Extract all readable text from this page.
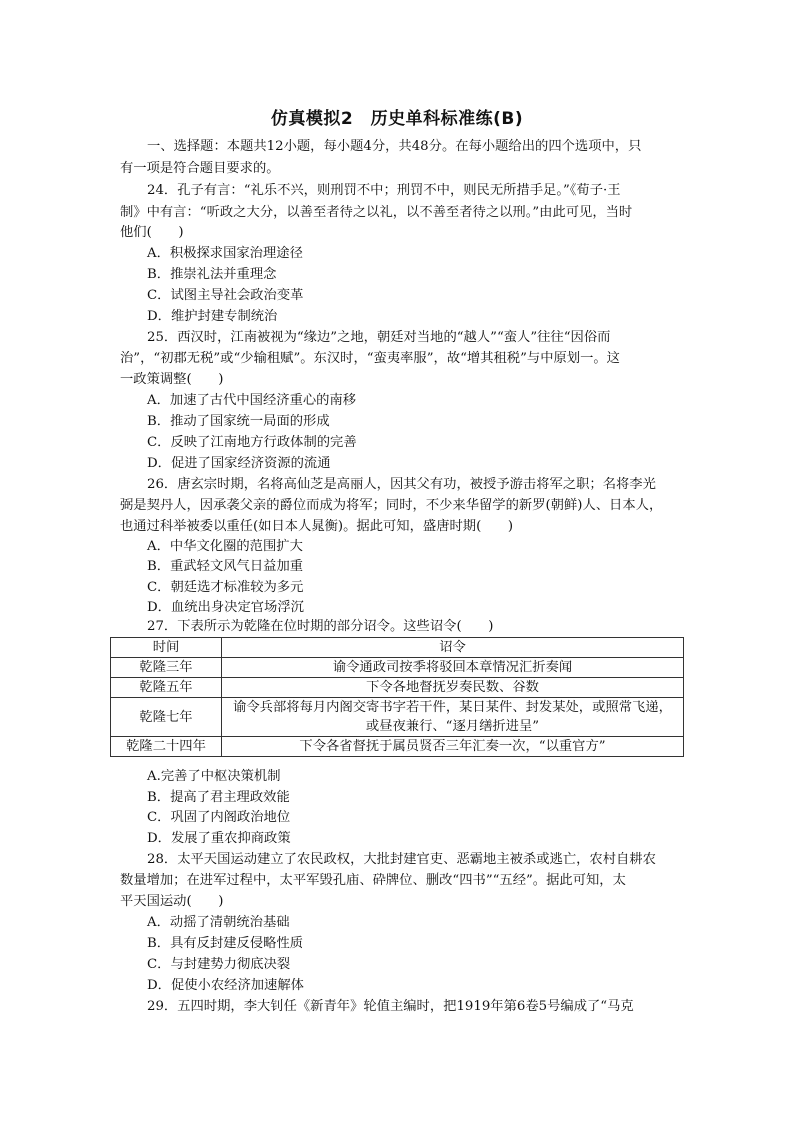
仿真模拟2　历史单科标准练(B)
一、选择题：本题共12小题，每小题4分，共48分。在每小题给出的四个选项中，只
有一项是符合题目要求的。
24．孔子有言：“礼乐不兴，则刑罚不中；刑罚不中，则民无所措手足。”《荀子·王
制》中有言：“听政之大分，以善至者待之以礼，以不善至者待之以刑。”由此可见，当时
他们(　　)
A．积极探求国家治理途径
B．推崇礼法并重理念
C．试图主导社会政治变革
D．维护封建专制统治
25．西汉时，江南被视为“缘边”之地，朝廷对当地的“越人”“蛮人”往往“因俗而
治”，“初郡无税”或“少输租赋”。东汉时，“蛮夷率服”，故“增其租税”与中原划一。这
一政策调整(　　)
A．加速了古代中国经济重心的南移
B．推动了国家统一局面的形成
C．反映了江南地方行政体制的完善
D．促进了国家经济资源的流通
26．唐玄宗时期，名将高仙芝是高丽人，因其父有功，被授予游击将军之职；名将李光
弼是契丹人，因承袭父亲的爵位而成为将军；同时，不少来华留学的新罗(朝鲜)人、日本人，
也通过科举被委以重任(如日本人晁衡)。据此可知，盛唐时期(　　)
A．中华文化圈的范围扩大
B．重武轻文风气日益加重
C．朝廷选才标准较为多元
D．血统出身决定官场浮沉
27．下表所示为乾隆在位时期的部分诏令。这些诏令(　　)
时间	诏令
乾隆三年	谕令通政司按季将驳回本章情况汇折奏闻
乾隆五年	下令各地督抚岁奏民数、谷数
乾隆七年	谕令兵部将每月内阁交寄书字若干件，某日某件、封发某处，或照常飞递，
或昼夜兼行、“逐月缮折进呈”

乾隆二十四年	下令各省督抚于属员贤否三年汇奏一次，“以重官方”
A.完善了中枢决策机制
B．提高了君主理政效能
C．巩固了内阁政治地位
D．发展了重农抑商政策
28．太平天国运动建立了农民政权，大批封建官吏、恶霸地主被杀或逃亡，农村自耕农
数量增加；在进军过程中，太平军毁孔庙、砕牌位、删改“四书”“五经”。据此可知，太
平天国运动(　　)
A．动摇了清朝统治基础
B．具有反封建反侵略性质
C．与封建势力彻底决裂
D．促使小农经济加速解体
29．五四时期，李大钊任《新青年》轮值主编时，把1919年第6卷5号编成了“马克
